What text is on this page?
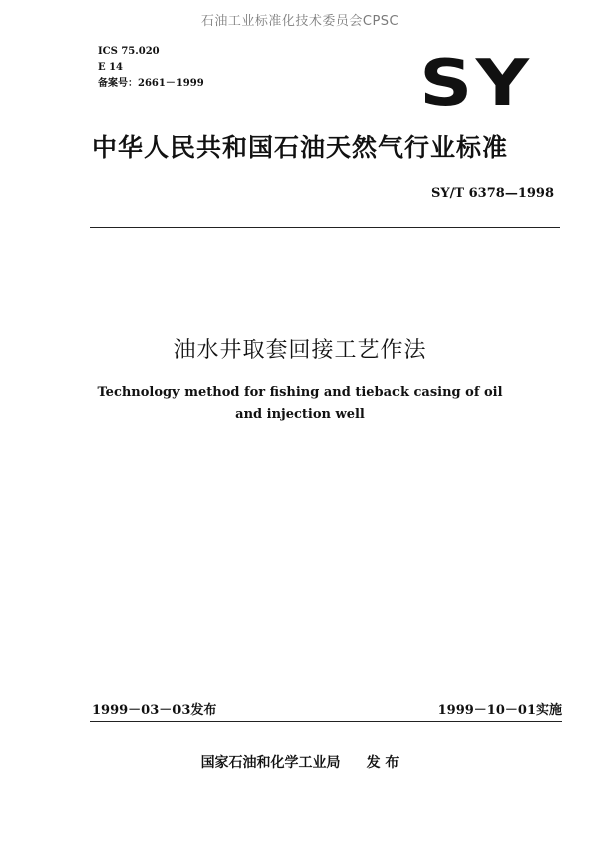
石油工业标准化技术委员会CPSC
ICS 75.020
E 14
备案号：2661－1999	SY
中华人民共和国石油天然气行业标准
SY/T 6378—1998
油水井取套回接工艺作法
Technology method for fishing and tieback casing of oil
and injection well
1999－03－03发布	1999－10－01实施
国家石油和化学工业局 发 布
